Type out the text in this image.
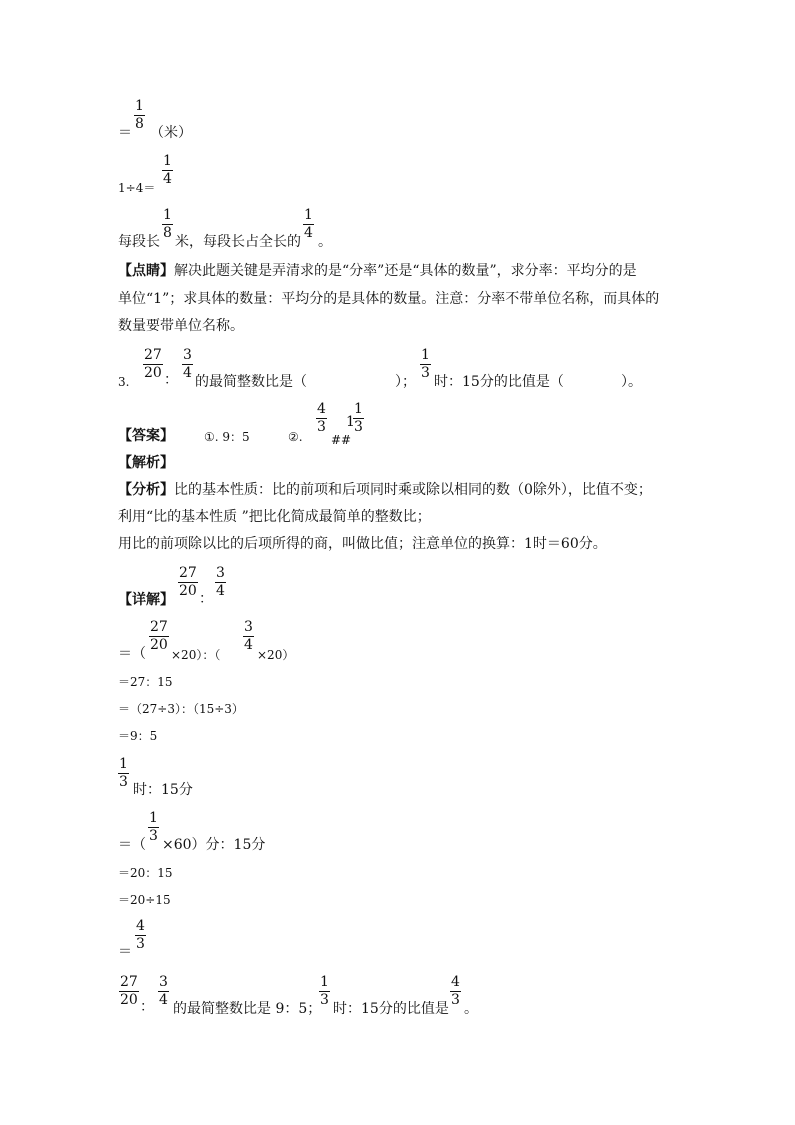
1
8
＝ （米）
1÷4＝
1
4
每段长
1
8
米，每段长占全长的
1
4
。
【点睛】 解决此题关键是弄清求的是“分率”还是“具体的数量”，求分率：平均分的是
单位“1”；求具体的数量：平均分的是具体的数量。注意：分率不带单位名称，而具体的
数量要带单位名称。
3.
27
20 ：
3
4
的最简整数比是（	）；
1
3
时：15分的比值是（	）。
【答案】	①. 9：5	②.
4
3
##
1
1
3
【解析】
【分析】 比的基本性质：比的前项和后项同时乘或除以相同的数（0除外），比值不变；
利用“比的基本性质 ”把比化简成最简单的整数比；
用比的前项除以比的后项所得的商，叫做比值；注意单位的换算：1时＝60分。
【详解】
27
20 ：
3
4
＝（
27
20
×20）：（
3
4
×20）
＝27：15
＝（27÷3）：（15÷3）
＝9：5
1
3 时：15分
＝（
1
3
×60）分：15分
＝20：15
＝20÷15
＝
4
3
27
20 ：
3
4
的最简整数比是 9：5；
1
3
时：15分的比值是
4
3
。
